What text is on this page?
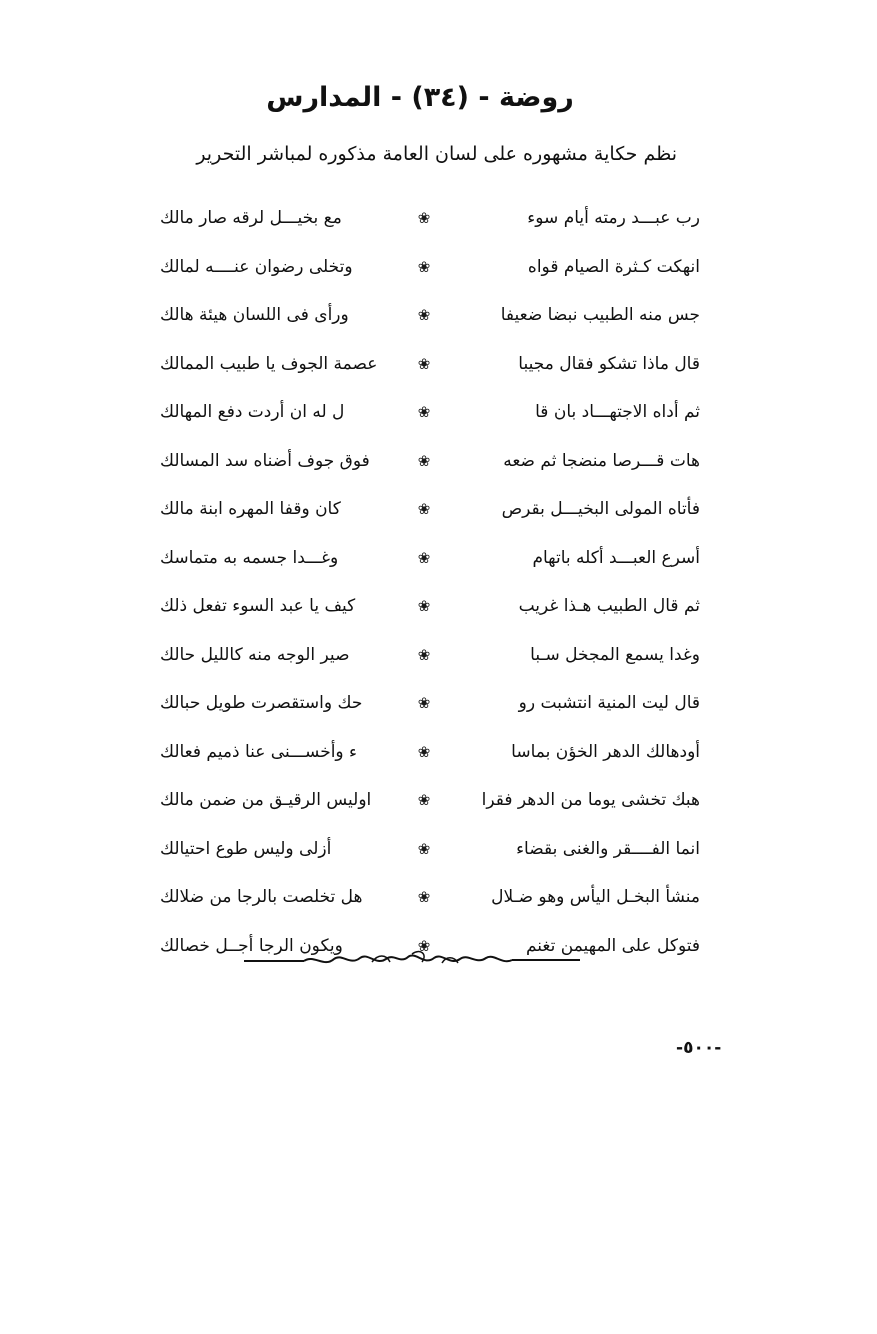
روضة - (٣٤) - المدارس
نظم حكاية مشهوره على لسان العامة مذكوره لمباشر التحرير
رب عبـــد رمته أيام سوء
❀
مع بخيـــل لرقه صار مالك
انهكت كـثرة الصيام قواه
❀
وتخلى رضوان عنــــه لمالك
جس منه الطبيب نبضا ضعيفا
❀
ورأى فى اللسان هيئة هالك
قال ماذا تشكو فقال مجيبا
❀
عصمة الجوف يا طبيب الممالك
ثم أداه الاجتهـــاد بان قا
❀
ل له ان أردت دفع المهالك
هات قـــرصا منضجا ثم ضعه
❀
فوق جوف أضناه سد المسالك
فأتاه المولى البخيـــل بقرص
❀
كان وقفا المهره ابنة مالك
أسرع العبـــد أكله باتهام
❀
وغـــدا جسمه به متماسك
ثم قال الطبيب هـذا غريب
❀
كيف يا عبد السوء تفعل ذلك
وغدا يسمع المجخل سـبا
❀
صير الوجه منه كالليل حالك
قال ليت المنية انتشبت رو
❀
حك واستقصرت طويل حبالك
أودهالك الدهر الخؤن بماسا
❀
ء وأخســـنى عنا ذميم فعالك
هبك تخشى يوما من الدهر فقرا
❀
اوليس الرقيـق من ضمن مالك
انما الفــــقر والغنى بقضاء
❀
أزلى وليس طوع احتيالك
منشأ البخـل اليأس وهو ضـلال
❀
هل تخلصت بالرجا من ضلالك
فتوكل على المهيمن تغنم
❀
ويكون الرجا أجــل خصالك
-٥٠٠-
